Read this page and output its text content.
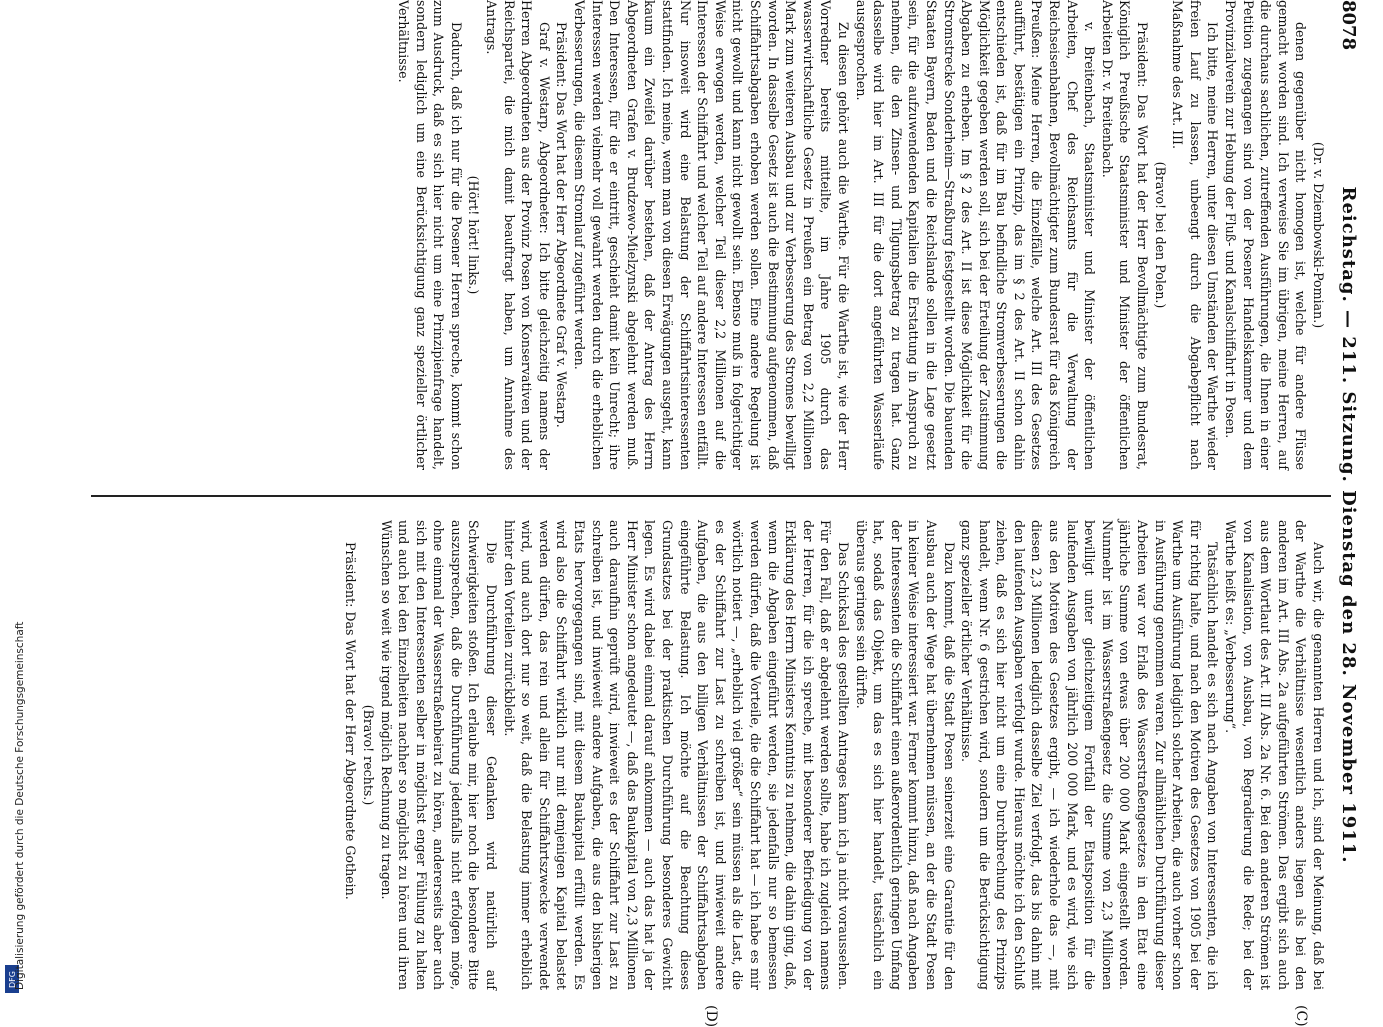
DFG
Digitalisierung gefördert durch die Deutsche Forschungsgemeinschaft
8078
Reichstag. — 211. Sitzung. Dienstag den 28. November 1911.
(C)
(D)

(Dr. v. Dziembowski-Pomian.)

denen gegenüber nicht homogen ist, welche für andere Flüsse gemacht worden sind. Ich verweise Sie im übrigen, meine Herren, auf die durchaus sachlichen, zutreffenden Ausführungen, die Ihnen in einer Petition zugegangen sind von der Posener Handelskammer und dem Provinzialverein zur Hebung der Fluß- und Kanalschiffahrt in Posen.

Ich bitte, meine Herren, unter diesen Umständen der Warthe wieder freien Lauf zu lassen, unbeengt durch die Abgabepflicht nach Maßnahme des Art. III.

(Bravo! bei den Polen.)

Präsident: Das Wort hat der Herr Bevollmächtigte zum Bundesrat, Königlich Preußische Staatsminister und Minister der öffentlichen Arbeiten Dr. v. Breitenbach.

v. Breitenbach, Staatsminister und Minister der öffentlichen Arbeiten, Chef des Reichsamts für die Verwaltung der Reichseisenbahnen, Bevollmächtigter zum Bundesrat für das Königreich Preußen: Meine Herren, die Einzelfälle, welche Art. III des Gesetzes aufführt, bestätigen ein Prinzip, das im § 2 des Art. II schon dahin entschieden ist, daß für im Bau befindliche Stromverbesserungen die Möglichkeit gegeben werden soll, sich bei der Erteilung der Zustimmung Abgaben zu erheben. Im § 2 des Art. II ist diese Möglichkeit für die Stromstrecke Sonderheim—Straßburg festgestellt worden. Die bauenden Staaten Bayern, Baden und die Reichslande sollen in die Lage gesetzt sein, für die aufzuwendenden Kapitalien die Erstattung in Anspruch zu nehmen, die den Zinsen- und Tilgungsbetrag zu tragen hat. Ganz dasselbe wird hier im Art. III für die dort angeführten Wasserläufe ausgesprochen.

Zu diesen gehört auch die Warthe. Für die Warthe ist, wie der Herr Vorredner bereits mitteilte, im Jahre 1905 durch das wasserwirtschaftliche Gesetz in Preußen ein Betrag von 2,2 Millionen Mark zum weiteren Ausbau und zur Verbesserung des Stromes bewilligt worden. In dasselbe Gesetz ist auch die Bestimmung aufgenommen, daß Schiffahrtsabgaben erhoben werden sollen. Eine andere Regelung ist nicht gewollt und kann nicht gewollt sein. Ebenso muß in folgerichtiger Weise erwogen werden, welcher Teil dieser 2,2 Millionen auf die Interessen der Schiffahrt und welcher Teil auf andere Interessen entfällt. Nur insoweit wird eine Belastung der Schiffahrtsinteressenten stattfinden. Ich meine, wenn man von diesen Erwägungen ausgeht, kann kaum ein Zweifel darüber bestehen, daß der Antrag des Herrn Abgeordneten Grafen v. Brudzewo-Mielzynski abgelehnt werden muß. Den Interessen, für die er eintritt, geschieht damit kein Unrecht; ihre Interessen werden vielmehr voll gewahrt werden durch die erheblichen Verbesserungen, die diesem Stromlauf zugeführt werden.

Präsident: Das Wort hat der Herr Abgeordnete Graf v. Westarp.

Graf v. Westarp, Abgeordneter: Ich bitte gleichzeitig namens der Herren Abgeordneten aus der Provinz Posen von Konservativen und der Reichspartei, die mich damit beauftragt haben, um Annahme des Antrags.

(Hört! hört! links.)

Dadurch, daß ich nur für die Posener Herren spreche, kommt schon zum Ausdruck, daß es sich hier nicht um eine Prinzipienfrage handelt, sondern lediglich um eine Berücksichtigung ganz spezieller örtlicher Verhältnisse.

Auch wir, die genannten Herren und ich, sind der Meinung, daß bei der Warthe die Verhältnisse wesentlich anders liegen als bei den anderen im Art. III Abs. 2a aufgeführten Strömen. Das ergibt sich auch aus dem Wortlaut des Art. III Abs. 2a Nr. 6. Bei den anderen Strömen ist von Kanalisation, von Ausbau, von Regradierung die Rede; bei der Warthe heißt es: „Verbesserung“.

Tatsächlich handelt es sich nach Angaben von Interessenten, die ich für richtig halte, und nach den Motiven des Gesetzes von 1905 bei der Warthe um Ausführung lediglich solcher Arbeiten, die auch vorher schon in Ausführung genommen waren. Zur allmählichen Durchführung dieser Arbeiten war vor Erlaß des Wasserstraßengesetzes in den Etat eine jährliche Summe von etwas über 200 000 Mark eingestellt worden. Nunmehr ist im Wasserstraßengesetz die Summe von 2,3 Millionen bewilligt unter gleichzeitigem Fortfall der Etatsposition für die laufenden Ausgaben von jährlich 200 000 Mark, und es wird, wie sich aus den Motiven des Gesetzes ergibt, — ich wiederhole das —, mit diesen 2,3 Millionen lediglich dasselbe Ziel verfolgt, das bis dahin mit den laufenden Ausgaben verfolgt wurde. Hieraus möchte ich den Schluß ziehen, daß es sich hier nicht um eine Durchbrechung des Prinzips handelt, wenn Nr. 6 gestrichen wird, sondern um die Berücksichtigung ganz spezieller örtlicher Verhältnisse.

Dazu kommt, daß die Stadt Posen seinerzeit eine Garantie für den Ausbau auch der Wege hat übernehmen müssen, an der die Stadt Posen in keiner Weise interessiert war. Ferner kommt hinzu, daß nach Angaben der Interessenten die Schiffahrt einen außerordentlich geringen Umfang hat, sodaß das Objekt, um das es sich hier handelt, tatsächlich ein überaus geringes sein dürfte.

Das Schicksal des gestellten Antrages kann ich ja nicht voraussehen. Für den Fall, daß er abgelehnt werden sollte, habe ich zugleich namens der Herren, für die ich spreche, mit besonderer Befriedigung von der Erklärung des Herrn Ministers Kenntnis zu nehmen, die dahin ging, daß, wenn die Abgaben eingeführt werden, sie jedenfalls nur so bemessen werden dürfen, daß die Vorteile, die die Schiffahrt hat — ich habe es mir wörtlich notiert —, „erheblich viel größer“ sein müssen als die Last, die es der Schiffahrt zur Last zu schreiben ist, und inwieweit andere Aufgaben, die aus den billigen Verhältnissen der Schiffahrtsabgaben eingeführte Belastung. Ich möchte auf die Beachtung dieses Grundsatzes bei der praktischen Durchführung besonderes Gewicht legen. Es wird dabei einmal darauf ankommen — auch das hat ja der Herr Minister schon angedeutet —, daß das Baukapital von 2,3 Millionen auch daraufhin geprüft wird, inwieweit es der Schiffahrt zur Last zu schreiben ist, und inwieweit andere Aufgaben, die aus den bisherigen Etats hervorgegangen sind, mit diesem Baukapital erfüllt werden. Es wird also die Schiffahrt wirklich nur mit demjenigen Kapital belastet werden dürfen, das rein und allein für Schiffahrtszwecke verwendet wird, und auch dort nur so weit, daß die Belastung immer erheblich hinter den Vorteilen zurückbleibt.

Die Durchführung dieser Gedanken wird natürlich auf Schwierigkeiten stoßen. Ich erlaube mir, hier noch die besondere Bitte auszusprechen, daß die Durchführung jedenfalls nicht erfolgen möge, ohne einmal der Wasserstraßenbeirat zu hören, andererseits aber auch sich mit den Interessenten selber in möglichst enger Fühlung zu halten und auch bei den Einzelheiten nachher so möglichst zu hören und ihren Wünschen so weit wie irgend möglich Rechnung zu tragen.

(Bravo! rechts.)

Präsident: Das Wort hat der Herr Abgeordnete Gothein.
